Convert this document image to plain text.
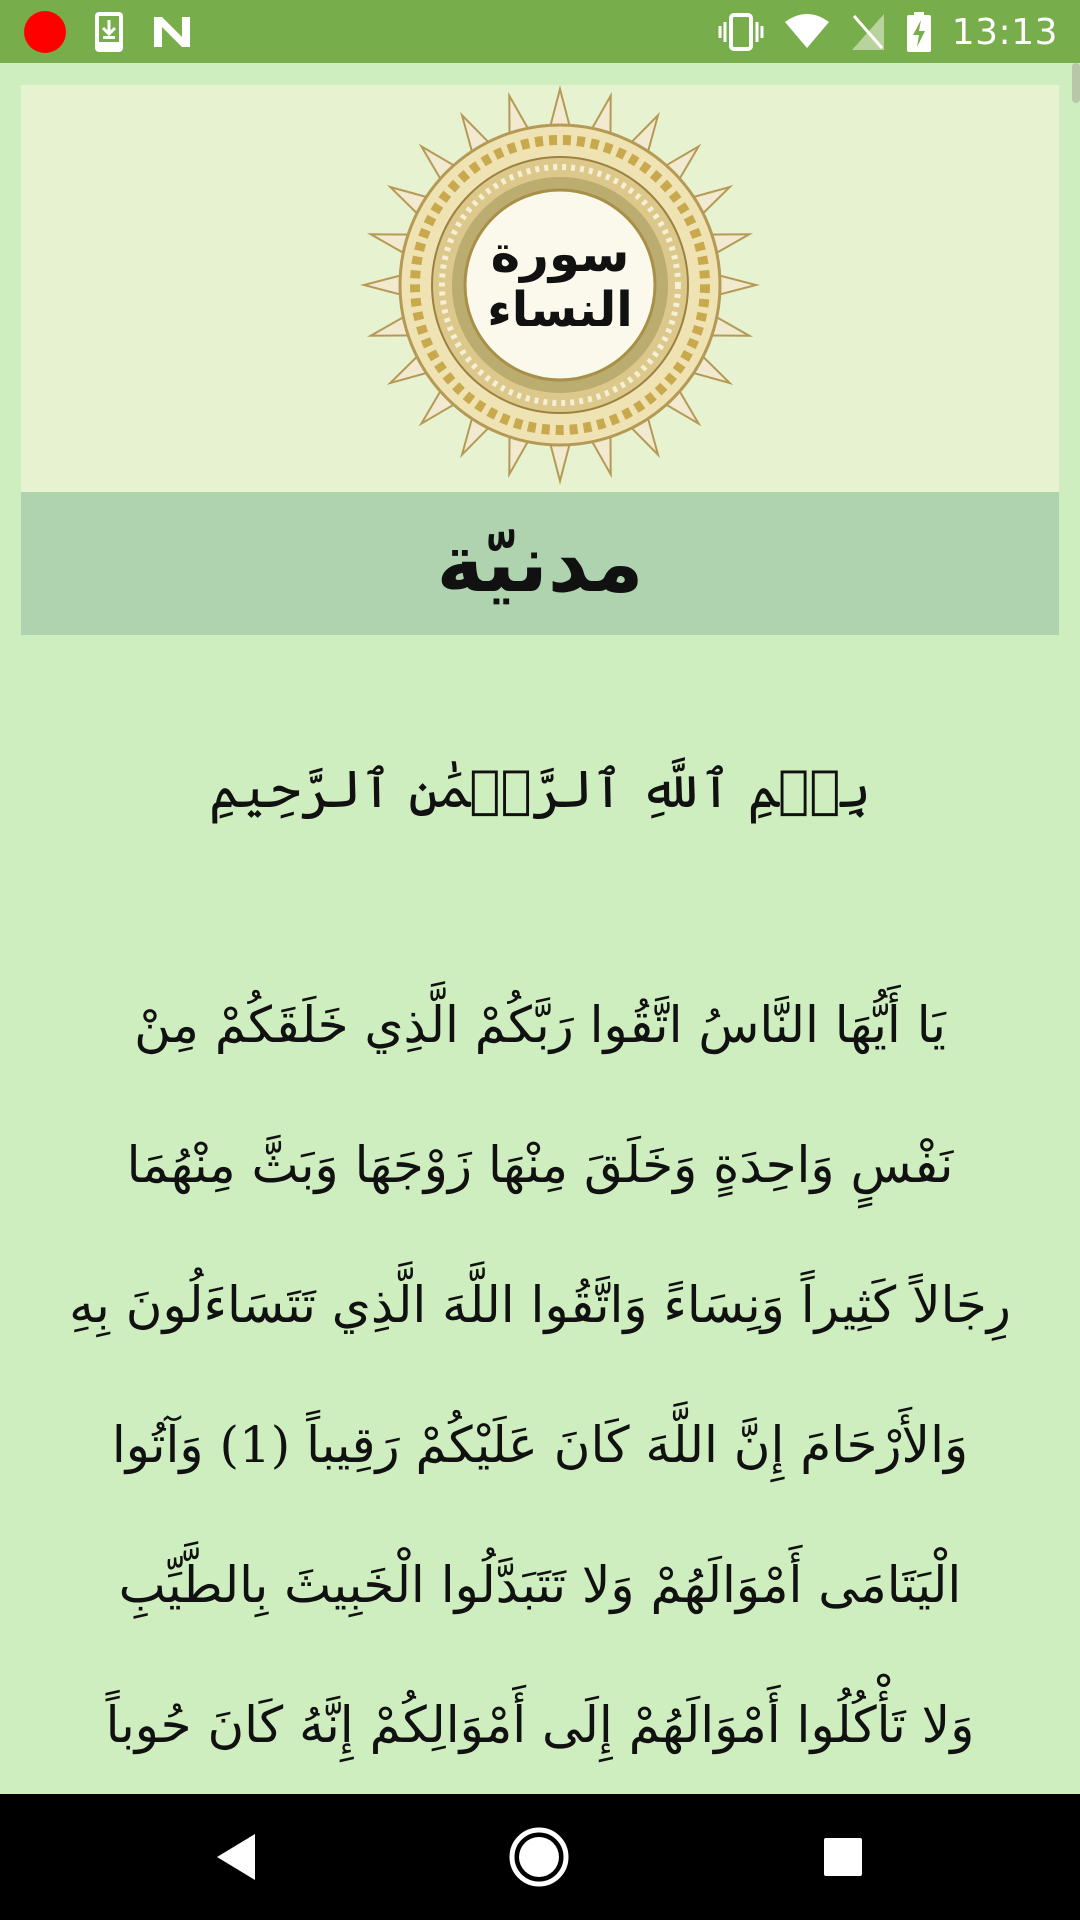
13:13
سورة
النساء
مدنيّة
بِسۡمِ ٱللَّهِ ٱلرَّحۡمَٰنِ ٱلرَّحِيمِ
يَا أَيُّهَا النَّاسُ اتَّقُوا رَبَّكُمْ الَّذِي خَلَقَكُمْ مِنْ
نَفْسٍ وَاحِدَةٍ وَخَلَقَ مِنْهَا زَوْجَهَا وَبَثَّ مِنْهُمَا
رِجَالاً كَثِيراً وَنِسَاءً وَاتَّقُوا اللَّهَ الَّذِي تَتَسَاءَلُونَ بِهِ
وَالأَرْحَامَ إِنَّ اللَّهَ كَانَ عَلَيْكُمْ رَقِيباً (1) وَآتُوا
الْيَتَامَى أَمْوَالَهُمْ وَلا تَتَبَدَّلُوا الْخَبِيثَ بِالطَّيِّبِ
وَلا تَأْكُلُوا أَمْوَالَهُمْ إِلَى أَمْوَالِكُمْ إِنَّهُ كَانَ حُوباً
